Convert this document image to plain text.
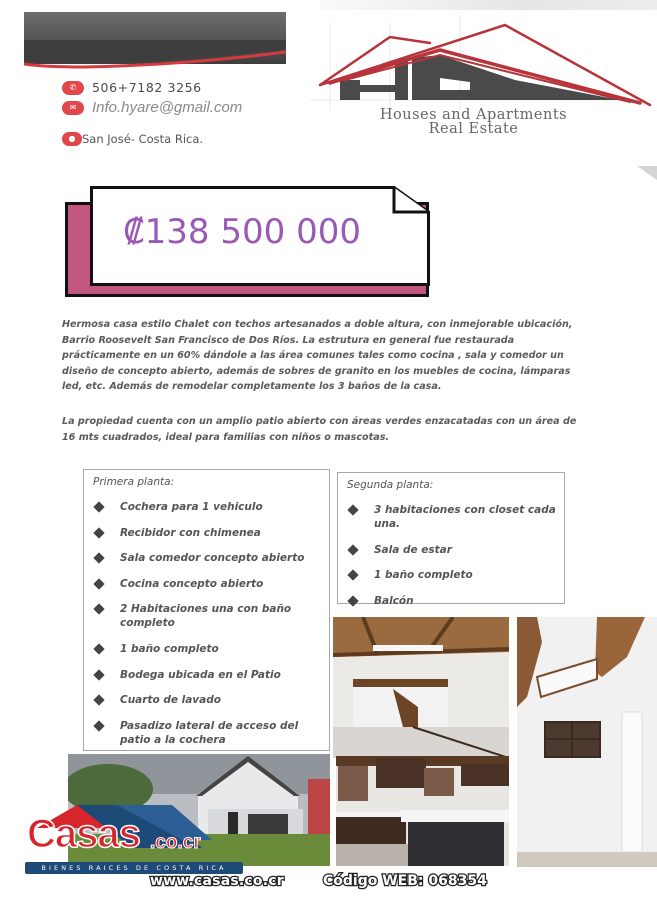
✆	506+7182 3256
✉	Info.hyare@gmail.com
● San José- Costa Rica.
Houses and Apartments
Real Estate
₡138 500 000
Hermosa casa estilo Chalet con techos artesanados a doble altura, con inmejorable ubicación, Barrio Roosevelt San Francisco de Dos Ríos. La estrutura en general fue restaurada prácticamente en un 60% dándole a las área comunes tales como cocina , sala y comedor un diseño de concepto abierto, además de sobres de granito en los muebles de cocina, lámparas led, etc. Además de remodelar completamente los 3 baños de la casa.
La propiedad cuenta con un amplio patio abierto con áreas verdes enzacatadas con un área de 16 mts cuadrados, ideal para familias con niños o mascotas.
Primera planta:
Cochera para 1 vehiculo
Recibidor con chimenea
Sala comedor concepto abierto
Cocina concepto abierto
2 Habitaciones una con baño completo
1 baño completo
Bodega ubicada en el Patio
Cuarto de lavado
Pasadizo lateral de acceso del patio a la cochera
Segunda planta:
3 habitaciones con closet cada una.
Sala de estar
1 baño completo
Balcón
Casas .co.cr
BIENES RAICES DE COSTA RICA
www.casas.co.cr	Código WEB: 068354
